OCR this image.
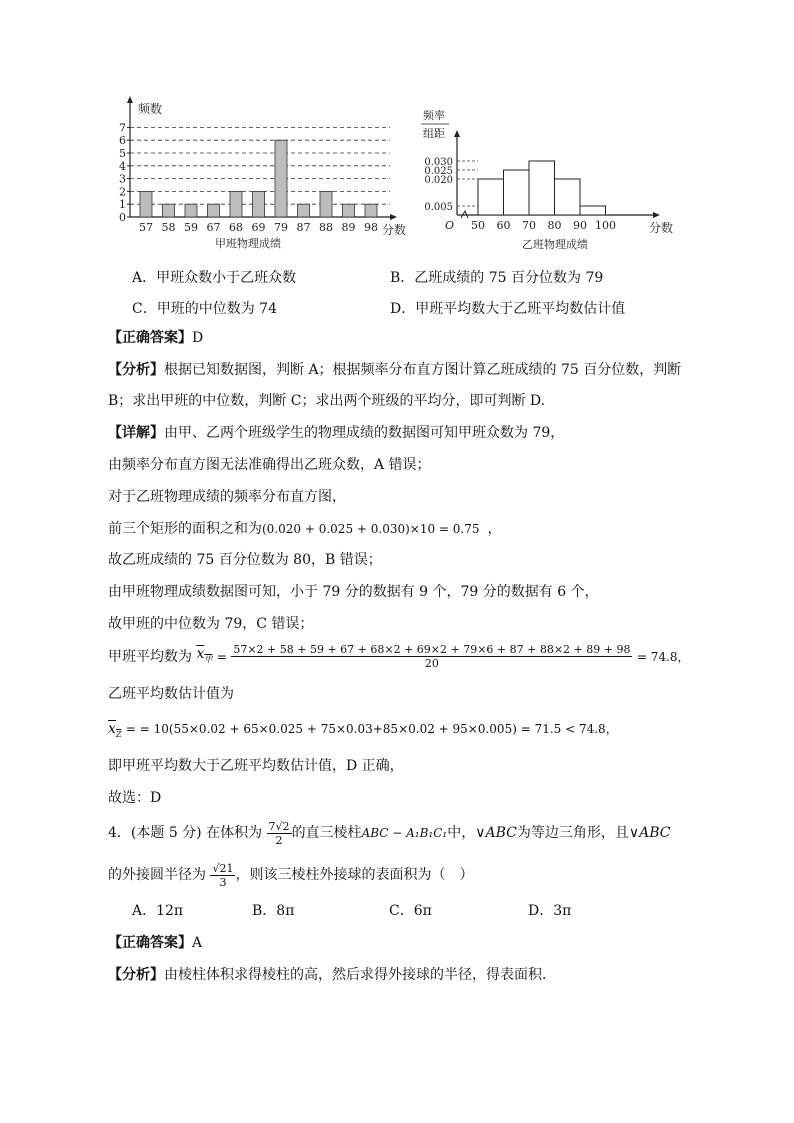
0
1
2
3
4
5
6
7
频数
57 58 59 67 68 69 79 87 88 89 98 分数
甲班物理成绩
频率
组距
0.030
0.025
0.020
0.005
O 50 60 70 80 90 100	分数
乙班物理成绩
A．甲班众数小于乙班众数	B．乙班成绩的 75 百分位数为 79
C．甲班的中位数为 74	D．甲班平均数大于乙班平均数估计值
【正确答案】D
【分析】根据已知数据图，判断 A；根据频率分布直方图计算乙班成绩的 75 百分位数，判断
B；求出甲班的中位数，判断 C；求出两个班级的平均分，即可判断 D.
【详解】由甲、乙两个班级学生的物理成绩的数据图可知甲班众数为 79，
由频率分布直方图无法准确得出乙班众数，A 错误；
对于乙班物理成绩的频率分布直方图，
前三个矩形的面积之和为(0.020 + 0.025 + 0.030)×10 = 0.75 ，
故乙班成绩的 75 百分位数为 80，B 错误；
由甲班物理成绩数据图可知，小于 79 分的数据有 9 个，79 分的数据有 6 个，
故甲班的中位数为 79，C 错误；
甲班平均数为 $x_甲 = 57\times 2 + 58 + 59 + 67 + 68\times 2 + 69\times 2 + 79\times 6 + 87 + 88\times 2 + 89 + 98$
20	= 74.8，
乙班平均数估计值为
$x_Z$ = = 10(55×0.02 + 65×0.025 + 75×0.03+85×0.02 + 95×0.005) = 71.5 < 74.8，
即甲班平均数大于乙班平均数估计值，D 正确，
故选：D
4．(本题 5 分) 在体积为 $\frac{7√2}{2}$ 的直三棱柱ABC − A₁B₁C₁中，∨ABC为等边三角形，且∨ABC
的外接圆半径为 $\frac{√21}{3}$ ，则该三棱柱外接球的表面积为（　）
A．12π	B．8π	C．6π	D．3π
【正确答案】A
【分析】由棱柱体积求得棱柱的高，然后求得外接球的半径，得表面积．
